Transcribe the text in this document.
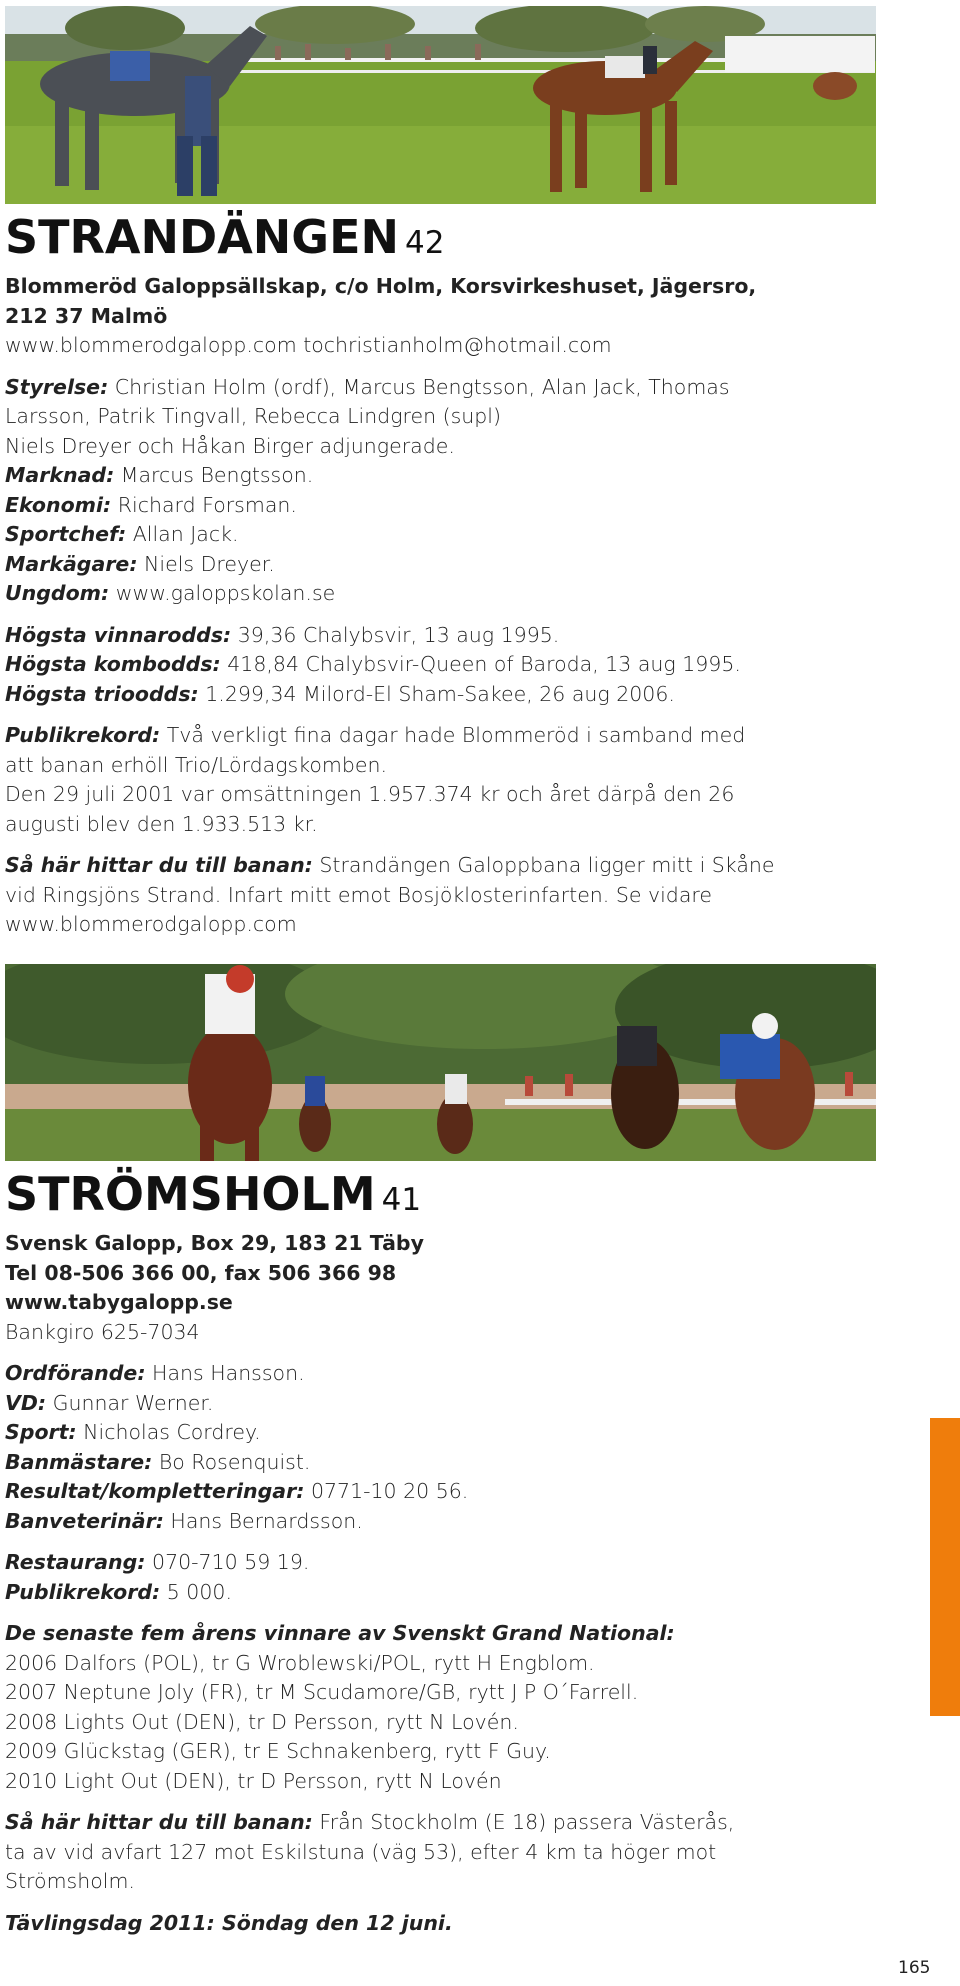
STRANDÄNGEN 42

Blommeröd Galoppsällskap, c/o Holm, Korsvirkeshuset, Jägersro,
212 37 Malmö
www.blommerodgalopp.com tochristianholm@hotmail.com

Styrelse: Christian Holm (ordf), Marcus Bengtsson, Alan Jack, Thomas
Larsson, Patrik Tingvall, Rebecca Lindgren (supl)
Niels Dreyer och Håkan Birger adjungerade.
Marknad: Marcus Bengtsson.
Ekonomi: Richard Forsman.
Sportchef: Allan Jack.
Markägare: Niels Dreyer.
Ungdom: www.galoppskolan.se

Högsta vinnarodds: 39,36 Chalybsvir, 13 aug 1995.
Högsta kombodds: 418,84 Chalybsvir-Queen of Baroda, 13 aug 1995.
Högsta trioodds: 1.299,34 Milord-El Sham-Sakee, 26 aug 2006.

Publikrekord: Två verkligt fina dagar hade Blommeröd i samband med
att banan erhöll Trio/Lördagskomben.
Den 29 juli 2001 var omsättningen 1.957.374 kr och året därpå den 26
augusti blev den 1.933.513 kr.

Så här hittar du till banan: Strandängen Galoppbana ligger mitt i Skåne
vid Ringsjöns Strand. Infart mitt emot Bosjöklosterinfarten. Se vidare
www.blommerodgalopp.com

STRÖMSHOLM 41

Svensk Galopp, Box 29, 183 21 Täby
Tel 08-506 366 00, fax 506 366 98
www.tabygalopp.se
Bankgiro 625-7034

Ordförande: Hans Hansson.
VD: Gunnar Werner.
Sport: Nicholas Cordrey.
Banmästare: Bo Rosenquist.
Resultat/kompletteringar: 0771-10 20 56.
Banveterinär: Hans Bernardsson.

Restaurang: 070-710 59 19.
Publikrekord: 5 000.

De senaste fem årens vinnare av Svenskt Grand National:
2006 Dalfors (POL), tr G Wroblewski/POL, rytt H Engblom.
2007 Neptune Joly (FR), tr M Scudamore/GB, rytt J P O´Farrell.
2008 Lights Out (DEN), tr D Persson, rytt N Lovén.
2009 Glückstag (GER), tr E Schnakenberg, rytt F Guy.
2010 Light Out (DEN), tr D Persson, rytt N Lovén

Så här hittar du till banan: Från Stockholm (E 18) passera Västerås,
ta av vid avfart 127 mot Eskilstuna (väg 53), efter 4 km ta höger mot
Strömsholm.

Tävlingsdag 2011: Söndag den 12 juni.

165
